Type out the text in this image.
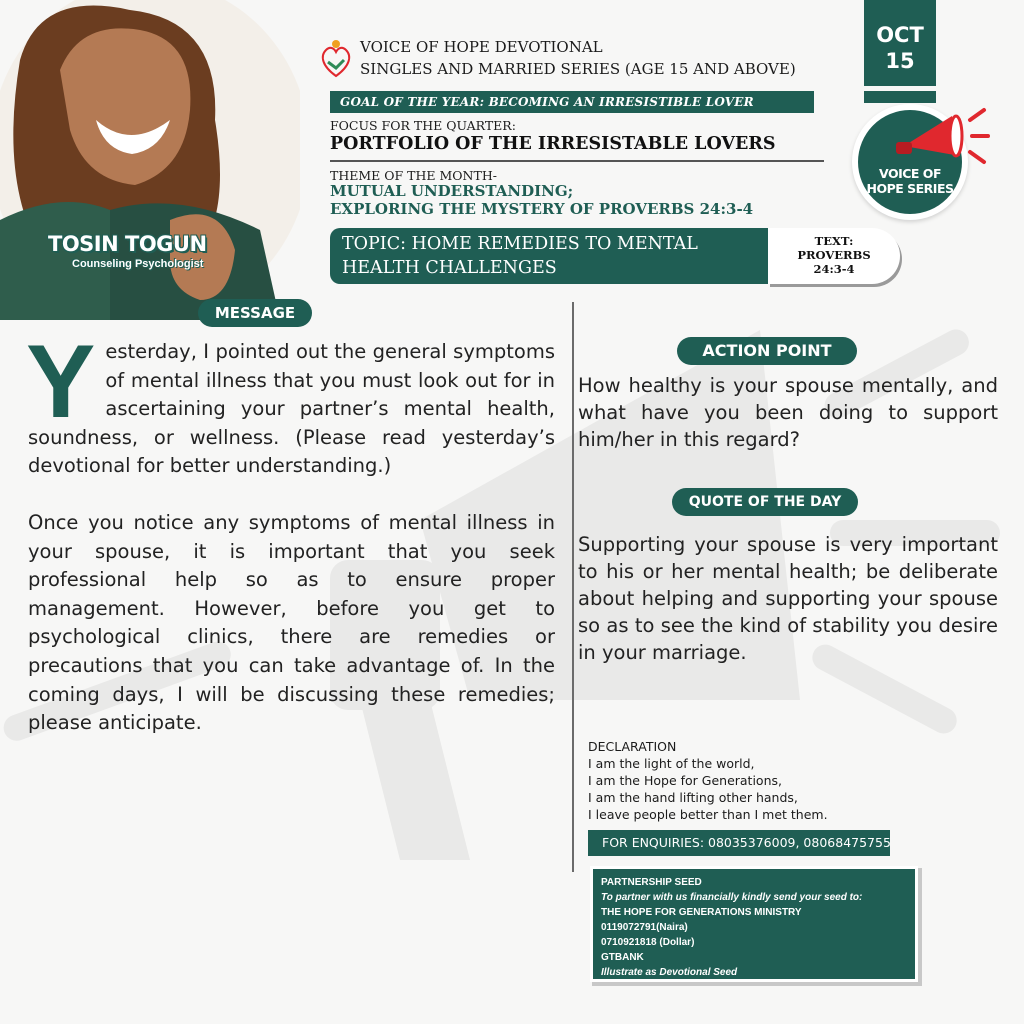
TOSIN TOGUN
Counseling Psychologist
VOICE OF HOPE DEVOTIONAL
SINGLES AND MARRIED SERIES (AGE 15 AND ABOVE)
GOAL OF THE YEAR: BECOMING AN IRRESISTIBLE LOVER
FOCUS FOR THE QUARTER:
PORTFOLIO OF THE IRRESISTABLE LOVERS
THEME OF THE MONTH-
MUTUAL UNDERSTANDING;
EXPLORING THE MYSTERY OF PROVERBS 24:3-4
TOPIC: HOME REMEDIES TO MENTAL
HEALTH CHALLENGES
TEXT:
PROVERBS
24:3-4
OCT
15
VOICE OF
HOPE SERIES
MESSAGE
ACTION POINT
QUOTE OF THE DAY
Y esterday, I pointed out the general symptoms of mental illness that you must look out for in ascertaining your partner’s mental health, soundness, or wellness. (Please read yesterday’s devotional for better understanding.)
Once you notice any symptoms of mental illness in your spouse, it is important that you seek professional help so as to ensure proper management. However, before you get to psychological clinics, there are remedies or precautions that you can take advantage of. In the coming days, I will be discussing these remedies; please anticipate.
How healthy is your spouse mentally, and what have you been doing to support him/her in this regard?
Supporting your spouse is very important to his or her mental health; be deliberate about helping and supporting your spouse so as to see the kind of stability you desire in your marriage.
DECLARATION
I am the light of the world,
I am the Hope for Generations,
I am the hand lifting other hands,
I leave people better than I met them.
FOR ENQUIRIES: 08035376009, 08068475755
PARTNERSHIP SEED
To partner with us financially kindly send your seed to:
THE HOPE FOR GENERATIONS MINISTRY
0119072791(Naira)
0710921818 (Dollar)
GTBANK
Illustrate as Devotional Seed
